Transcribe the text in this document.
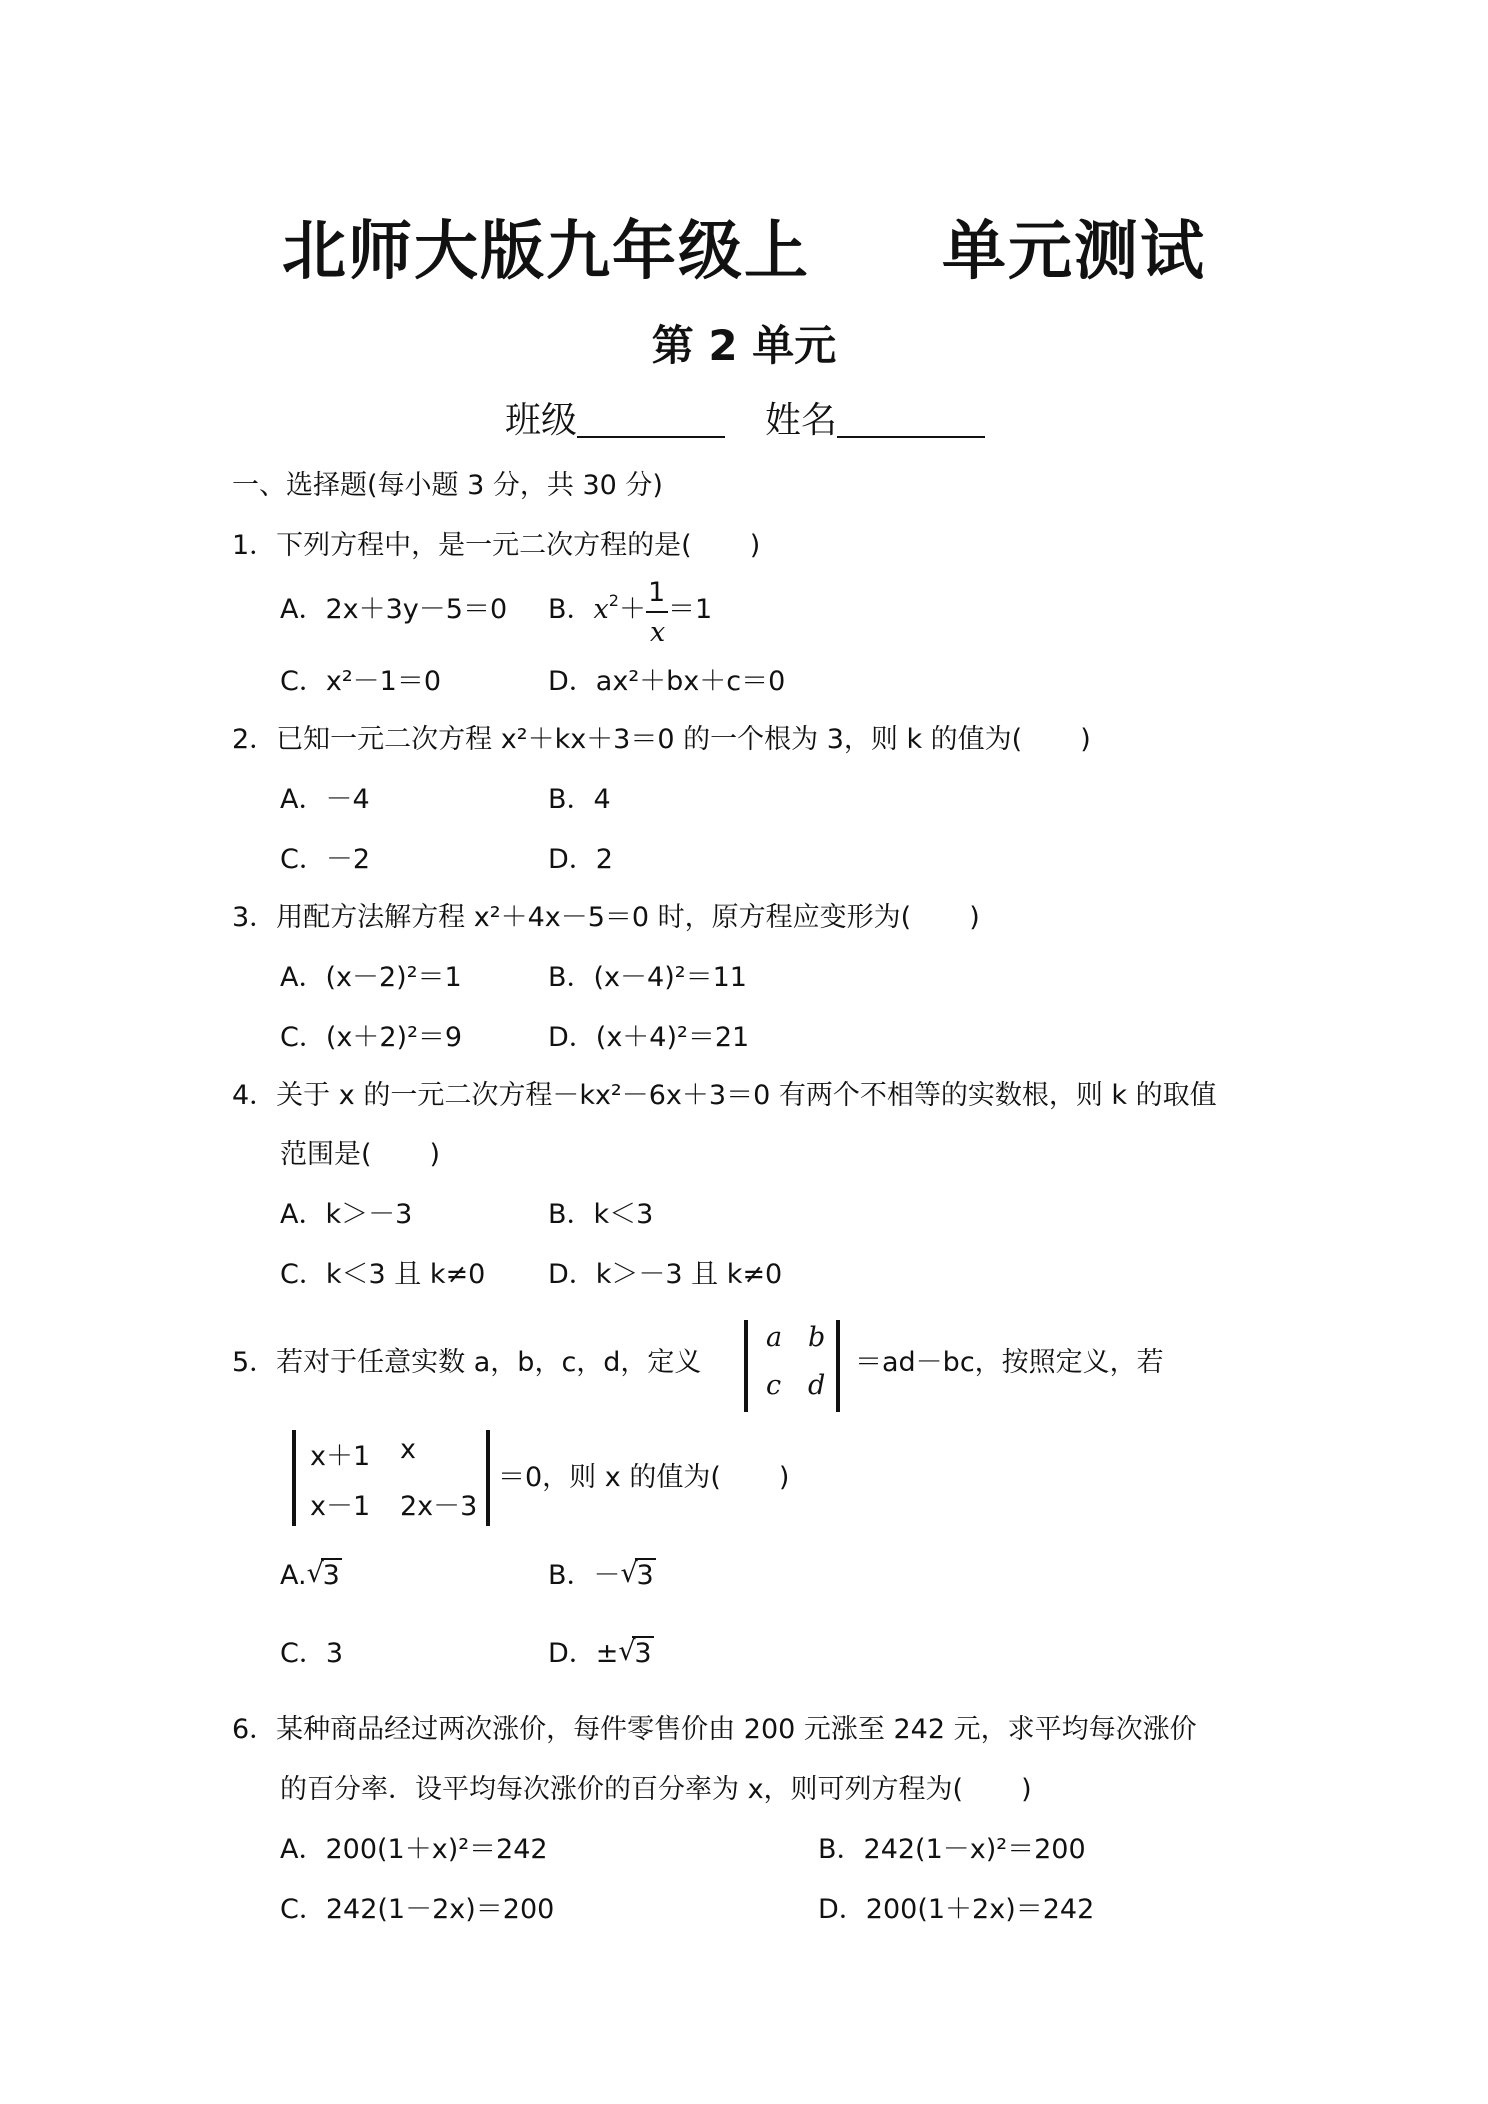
北师大版九年级上　　单元测试
第 2 单元
班级	姓名
一、选择题(每小题 3 分，共 30 分)
1．下列方程中，是一元二次方程的是( )
A．2x＋3y－5＝0 B．$x^2+ \frac{1}{x} =1$
C．x²－1＝0	D．ax²＋bx＋c＝0
2．已知一元二次方程 x²＋kx＋3＝0 的一个根为 3，则 k 的值为( )
A．－4	B．4
C．－2	D．2
3．用配方法解方程 x²＋4x－5＝0 时，原方程应变形为( )
A．(x－2)²＝1	B．(x－4)²＝11
C．(x＋2)²＝9	D．(x＋4)²＝21
4．关于 x 的一元二次方程－kx²－6x＋3＝0 有两个不相等的实数根，则 k 的取值
范围是( )
A．k＞－3	B．k＜3
C．k＜3 且 k≠0 D．k＞－3 且 k≠0
5．若对于任意实数 a，b，c，d，定义
a b
c d
＝ad－bc，按照定义，若
x＋1 x
x－1 2x－3
＝0，则 x 的值为( )
A. √
3	B．－ √
3
C．3	D．± √
3
6．某种商品经过两次涨价，每件零售价由 200 元涨至 242 元，求平均每次涨价
的百分率．设平均每次涨价的百分率为 x，则可列方程为( )
A．200(1＋x)²＝242	B．242(1－x)²＝200
C．242(1－2x)＝200	D．200(1＋2x)＝242
